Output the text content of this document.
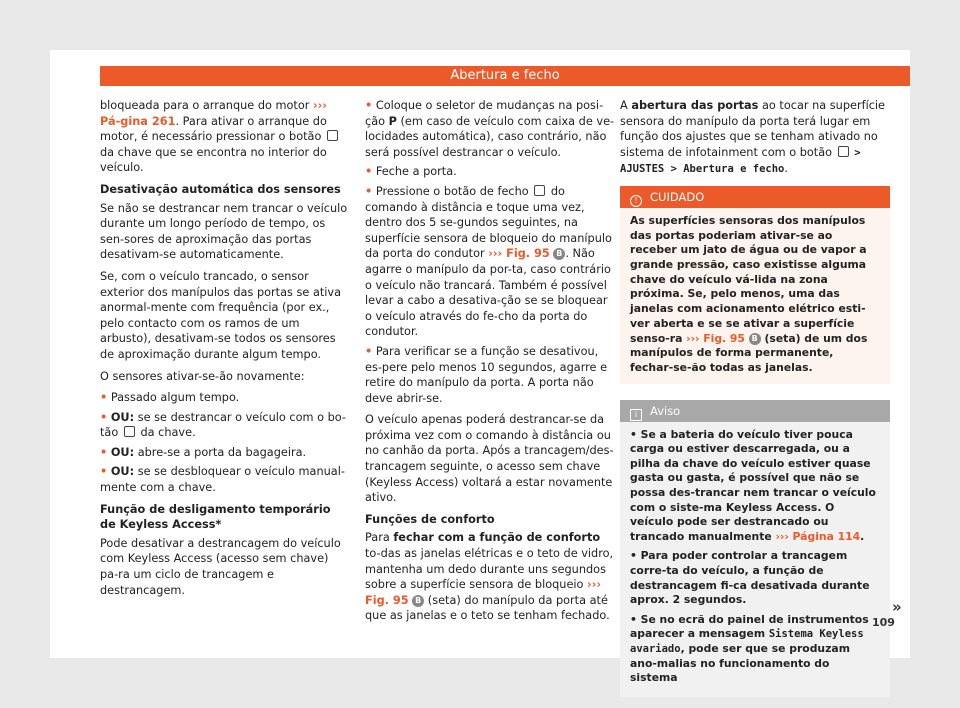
Abertura e fecho

bloqueada para o arranque do motor ››› Pá-gina 261. Para ativar o arranque do motor, é necessário pressionar o botão  da chave que se encontra no interior do veículo.

Desativação automática dos sensores

Se não se destrancar nem trancar o veículo durante um longo período de tempo, os sen-sores de aproximação das portas desativam-se automaticamente.

Se, com o veículo trancado, o sensor exterior dos manípulos das portas se ativa anormal-mente com frequência (por ex., pelo contacto com os ramos de um arbusto), desativam-se todos os sensores de aproximação durante algum tempo.

O sensores ativar-se-ão novamente:

• Passado algum tempo.
• OU: se se destrancar o veículo com o bo-tão  da chave.
• OU: abre-se a porta da bagageira.
• OU: se se desbloquear o veículo manual-mente com a chave.
Função de desligamento temporário de Keyless Access*

Pode desativar a destrancagem do veículo com Keyless Access (acesso sem chave) pa-ra um ciclo de trancagem e destrancagem.

• Coloque o seletor de mudanças na posi-ção P (em caso de veículo com caixa de ve-locidades automática), caso contrário, não será possível destrancar o veículo.
• Feche a porta.
• Pressione o botão de fecho  do comando à distância e toque uma vez, dentro dos 5 se-gundos seguintes, na superfície sensora de bloqueio do manípulo da porta do condutor ››› Fig. 95 B . Não agarre o manípulo da por-ta, caso contrário o veículo não trancará. Também é possível levar a cabo a desativa-ção se se bloquear o veículo através do fe-cho da porta do condutor.
• Para verificar se a função se desativou, es-pere pelo menos 10 segundos, agarre e retire do manípulo da porta. A porta não deve abrir-se.

O veículo apenas poderá destrancar-se da próxima vez com o comando à distância ou no canhão da porta. Após a trancagem/des-trancagem seguinte, o acesso sem chave (Keyless Access) voltará a estar novamente ativo.

Funções de conforto

Para fechar com a função de conforto to-das as janelas elétricas e o teto de vidro, mantenha um dedo durante uns segundos sobre a superfície sensora de bloqueio ››› Fig. 95 B (seta) do manípulo da porta até que as janelas e o teto se tenham fechado.

A abertura das portas ao tocar na superfície sensora do manípulo da porta terá lugar em função dos ajustes que se tenham ativado no sistema de infotainment com o botão  > AJUSTES > Abertura e fecho.

! CUIDADO
As superfícies sensoras dos manípulos das portas poderiam ativar-se ao receber um jato de água ou de vapor a grande pressão, caso existisse alguma chave do veículo vá-lida na zona próxima. Se, pelo menos, uma das janelas com acionamento elétrico esti-ver aberta e se se ativar a superfície senso-ra ››› Fig. 95 B (seta) de um dos manípulos de forma permanente, fechar-se-ão todas as janelas.
i Aviso
• Se a bateria do veículo tiver pouca carga ou estiver descarregada, ou a pilha da chave do veículo estiver quase gasta ou gasta, é possível que não se possa des-trancar nem trancar o veículo com o siste-ma Keyless Access. O veículo pode ser destrancado ou trancado manualmente ››› Página 114.
• Para poder controlar a trancagem corre-ta do veículo, a função de destrancagem fi-ca desativada durante aprox. 2 segundos.
• Se no ecrã do painel de instrumentos aparecer a mensagem Sistema Keyless avariado, pode ser que se produzam ano-malias no funcionamento do sistema
»
109
